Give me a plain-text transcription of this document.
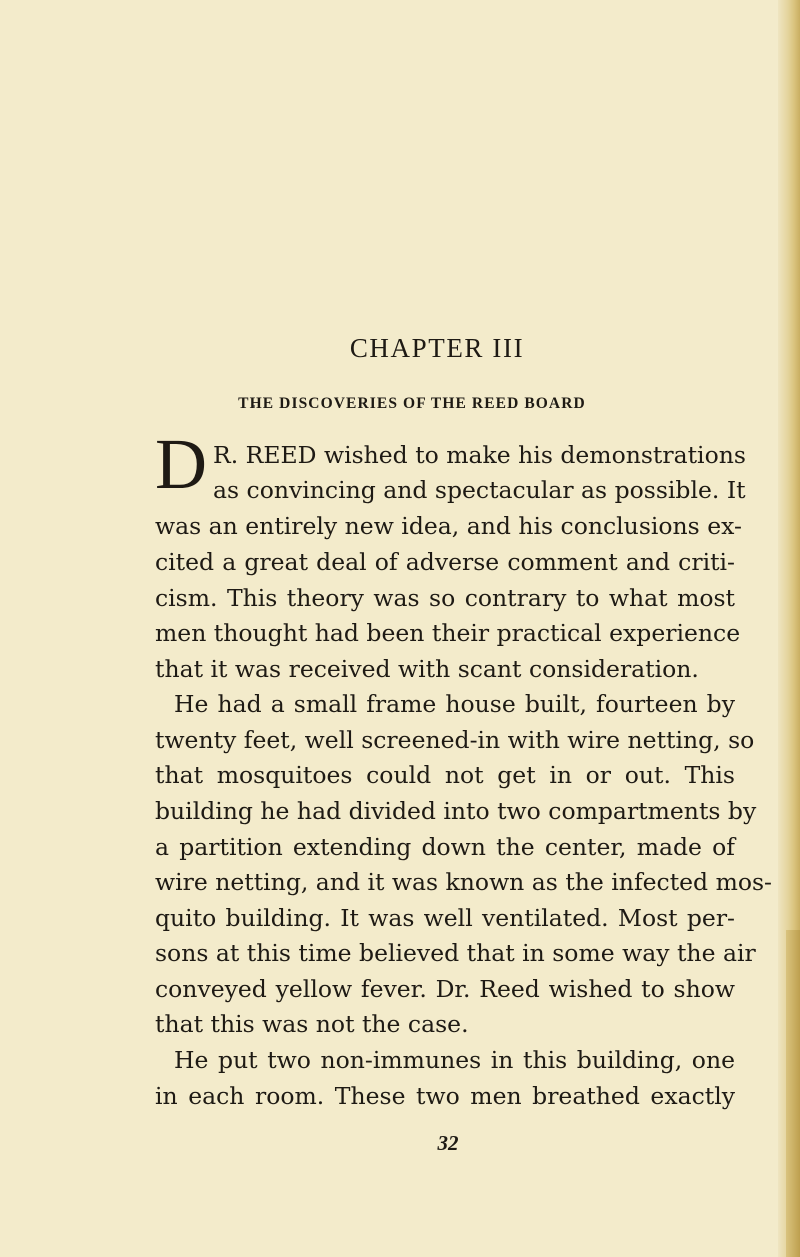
CHAPTER III
THE DISCOVERIES OF THE REED BOARD
D R. REED wished to make his demonstrations
as convincing and spectacular as possible. It
was an entirely new idea, and his conclusions ex-
cited a great deal of adverse comment and criti-
cism. This theory was so contrary to what most
men thought had been their practical experience
that it was received with scant consideration.
He had a small frame house built, fourteen by
twenty feet, well screened-in with wire netting, so
that mosquitoes could not get in or out. This
building he had divided into two compartments by
a partition extending down the center, made of
wire netting, and it was known as the infected mos-
quito building. It was well ventilated. Most per-
sons at this time believed that in some way the air
conveyed yellow fever. Dr. Reed wished to show
that this was not the case.
He put two non-immunes in this building, one
in each room. These two men breathed exactly
32
